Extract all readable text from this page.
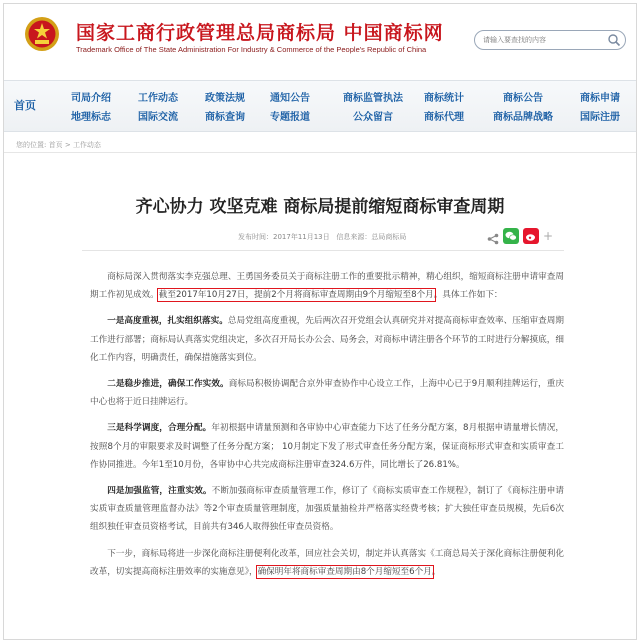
国家工商行政管理总局商标局 中国商标网
Trademark Office of The State Administration For Industry & Commerce of the People's Republic of China
请输入要查找的内容
首页
司局介绍
地理标志
工作动态
国际交流
政策法规
商标查询
通知公告
专题报道
商标监管执法
公众留言
商标统计
商标代理
商标公告
商标品牌战略
商标申请
国际注册
您的位置: 首页 > 工作动态
齐心协力 攻坚克难 商标局提前缩短商标审查周期
发布时间：2017年11月13日 信息来源：总局商标局	+

商标局深入贯彻落实李克强总理、王勇国务委员关于商标注册工作的重要批示精神，精心组织，缩短商标注册申请审查周期工作初见成效。截至2017年10月27日，提前2个月将商标审查周期由9个月缩短至8个月。具体工作如下：

一是高度重视，扎实组织落实。总局党组高度重视，先后两次召开党组会认真研究并对提高商标审查效率、压缩审查周期工作进行部署；商标局认真落实党组决定，多次召开局长办公会、局务会，对商标申请注册各个环节的工时进行分解摸底，细化工作内容，明确责任，确保措施落实到位。

二是稳步推进，确保工作实效。商标局积极协调配合京外审查协作中心设立工作，上海中心已于9月顺利挂牌运行，重庆中心也将于近日挂牌运行。

三是科学调度，合理分配。年初根据申请量预测和各审协中心审查能力下达了任务分配方案，8月根据申请量增长情况，按照8个月的审限要求及时调整了任务分配方案； 10月制定下发了形式审查任务分配方案，保证商标形式审查和实质审查工作协同推进。今年1至10月份，各审协中心共完成商标注册审查324.6万件，同比增长了26.81%。

四是加强监管，注重实效。不断加强商标审查质量管理工作，修订了《商标实质审查工作规程》，制订了《商标注册申请实质审查质量管理监督办法》等2个审查质量管理制度，加强质量抽检并严格落实经费考核；扩大独任审查员规模，先后6次组织独任审查员资格考试，目前共有346人取得独任审查员资格。

下一步，商标局将进一步深化商标注册便利化改革，回应社会关切，制定并认真落实《工商总局关于深化商标注册便利化改革，切实提高商标注册效率的实施意见》，确保明年将商标审查周期由8个月缩短至6个月。
